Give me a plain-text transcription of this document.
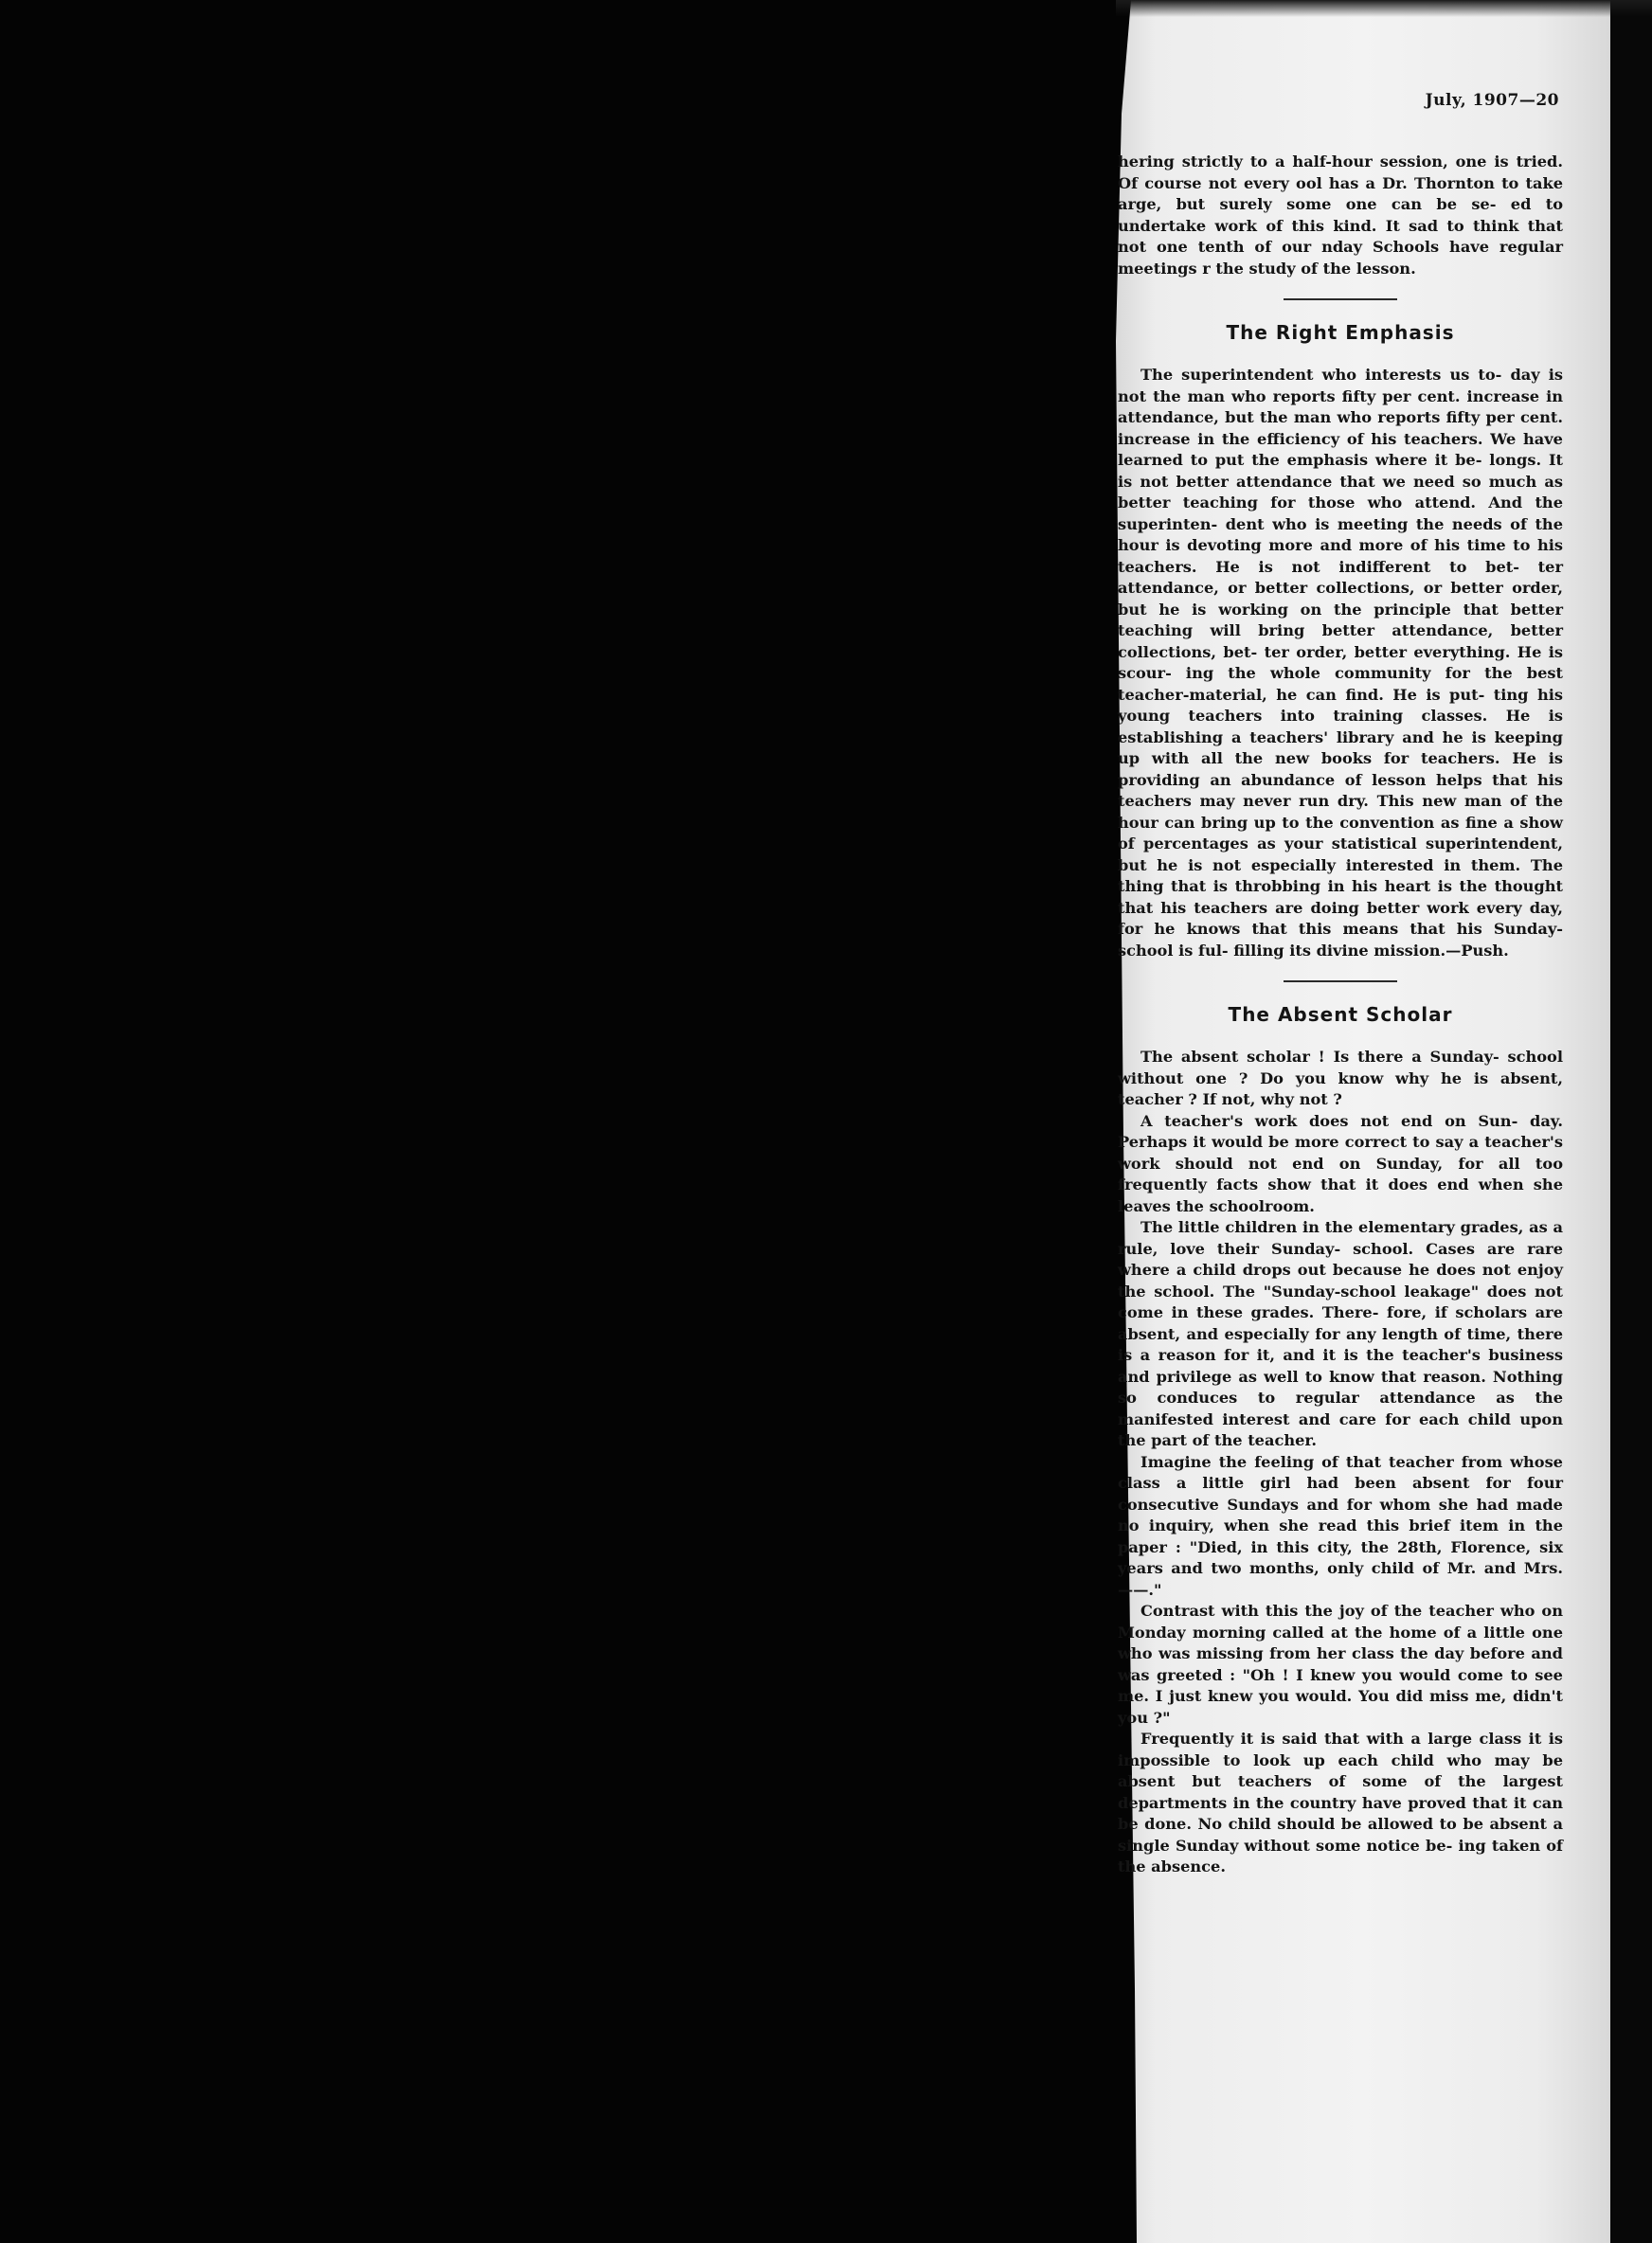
July, 1907—20

hering strictly to a half-hour session, one is tried. Of course not every ool has a Dr. Thornton to take arge, but surely some one can be se- ed to undertake work of this kind. It sad to think that not one tenth of our nday Schools have regular meetings r the study of the lesson.

The Right Emphasis

The superintendent who interests us to- day is not the man who reports fifty per cent. increase in attendance, but the man who reports fifty per cent. increase in the efficiency of his teachers. We have learned to put the emphasis where it be- longs. It is not better attendance that we need so much as better teaching for those who attend. And the superinten- dent who is meeting the needs of the hour is devoting more and more of his time to his teachers. He is not indifferent to bet- ter attendance, or better collections, or better order, but he is working on the principle that better teaching will bring better attendance, better collections, bet- ter order, better everything. He is scour- ing the whole community for the best teacher-material, he can find. He is put- ting his young teachers into training classes. He is establishing a teachers' library and he is keeping up with all the new books for teachers. He is providing an abundance of lesson helps that his teachers may never run dry. This new man of the hour can bring up to the convention as fine a show of percentages as your statistical superintendent, but he is not especially interested in them. The thing that is throbbing in his heart is the thought that his teachers are doing better work every day, for he knows that this means that his Sunday-school is ful- filling its divine mission.—Push.

The Absent Scholar

The absent scholar ! Is there a Sunday- school without one ? Do you know why he is absent, teacher ? If not, why not ?

A teacher's work does not end on Sun- day. Perhaps it would be more correct to say a teacher's work should not end on Sunday, for all too frequently facts show that it does end when she leaves the schoolroom.

The little children in the elementary grades, as a rule, love their Sunday- school. Cases are rare where a child drops out because he does not enjoy the school. The "Sunday-school leakage" does not come in these grades. There- fore, if scholars are absent, and especially for any length of time, there is a reason for it, and it is the teacher's business and privilege as well to know that reason. Nothing so conduces to regular attendance as the manifested interest and care for each child upon the part of the teacher.

Imagine the feeling of that teacher from whose class a little girl had been absent for four consecutive Sundays and for whom she had made no inquiry, when she read this brief item in the paper : "Died, in this city, the 28th, Florence, six years and two months, only child of Mr. and Mrs. ——."

Contrast with this the joy of the teacher who on Monday morning called at the home of a little one who was missing from her class the day before and was greeted : "Oh ! I knew you would come to see me. I just knew you would. You did miss me, didn't you ?"

Frequently it is said that with a large class it is impossible to look up each child who may be absent but teachers of some of the largest departments in the country have proved that it can be done. No child should be allowed to be absent a single Sunday without some notice be- ing taken of the absence.
